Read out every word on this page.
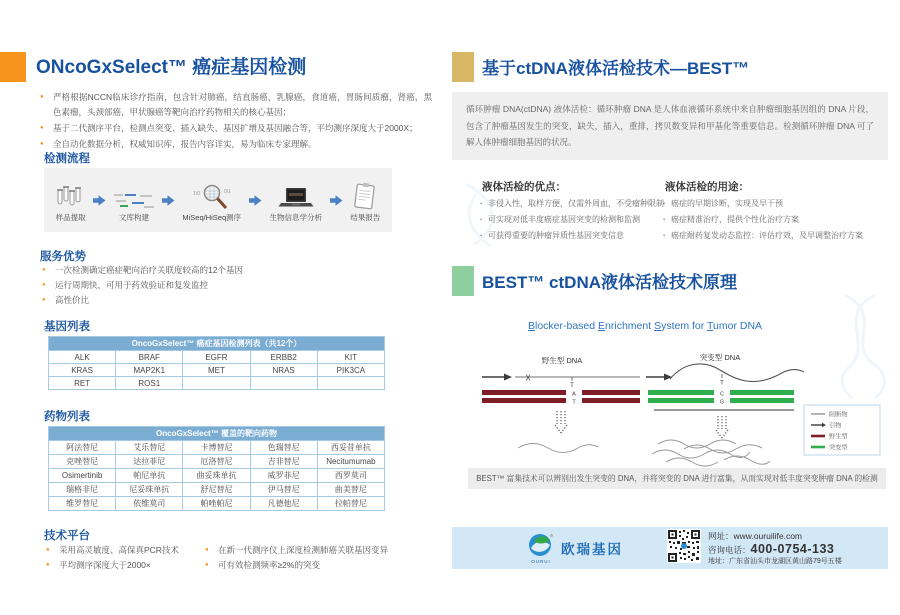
ONcoGxSelect™ 癌症基因检测
● 严格根据NCCN临床诊疗指南，包含针对肺癌，结直肠癌，乳腺癌，食道癌，胃肠间质瘤，肾癌，黑色素瘤，头颈部癌，甲状腺癌等靶向治疗药物相关的核心基因；
● 基于二代测序平台，检测点突变、插入缺失、基因扩增及基因融合等，平均测序深度大于2000X；
● 全自动化数据分析，权威知识库，报告内容详实，易为临床专家理解。
检测流程
样品提取	文库构建
1\0	0\1
MiSeq/HiSeq测序	生物信息学分析	结果报告
服务优势
● 一次检测确定癌症靶向治疗关联度较高的12个基因
● 运行周期快，可用于药效验证和复发监控
● 高性价比
基因列表
OncoGxSelect™ 癌症基因检测列表（共12个）				
ALK	BRAF	EGFR	ERBB2	KIT
KRAS	MAP2K1	MET	NRAS	PIK3CA
RET	ROS1			
药物列表
OncoGxSelect™ 覆盖的靶向药物				
阿法替尼	艾乐替尼	卡博替尼	色瑞替尼	西妥昔单抗
克唑替尼	达拉菲尼	厄洛替尼	吉非替尼	Necitumumab
Osimertinib	帕尼单抗	曲妥珠单抗	威罗菲尼	西罗莫司
瑞格非尼	尼妥珠单抗	舒尼替尼	伊马替尼	曲美替尼
维罗替尼	依维莫司	帕唑帕尼	凡德他尼	拉帕替尼
技术平台
● 采用高灵敏度、高保真PCR技术
● 平均测序深度大于2000×
● 在新一代测序仪上深度检测肺癌关联基因变异
● 可有效检测频率≥2%的突变
基于ctDNA液体活检技术—BEST™
循环肿瘤 DNA(ctDNA) 液体活检：循环肿瘤 DNA 是人体血液循环系统中来自肿瘤细胞基因组的 DNA 片段，包含了肿瘤基因发生的突变，缺失，插入，重排，拷贝数变异和甲基化等重要信息。检测循环肿瘤 DNA 可了解人体肿瘤细胞基因的状况。
液体活检的优点：
· 非侵入性，取样方便，仅需外周血，不受瘤种限制
· 可实现对低丰度癌症基因突变的检测和监测
· 可获得重要的肿瘤异质性基因突变信息
液体活检的用途：
· 癌症的早期诊断，实现及早干预
· 癌症精准治疗，提供个性化治疗方案
· 癌症耐药复发动态监控：评估疗效，及早调整治疗方案
BEST™ ctDNA液体活检技术原理
Blocker-based Enrichment System for Tumor DNA
野生型 DNA
X
T
A
T
突变型 DNA
T
C
G
阻断物
引物
野生型
突变型
BEST™ 富集技术可以辨别出发生突变的 DNA，并将突变的 DNA 进行富集，从而实现对低丰度突变肿瘤 DNA 的检测
R
OURUI
欧瑞基因
网址：www.ouruilife.com
咨询电话：400-0754-133
地址：广东省汕头市龙湖区黄山路79号五楼
